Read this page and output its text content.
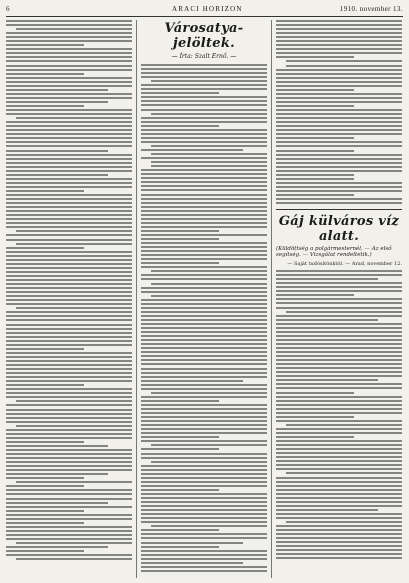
6	ARACI HORIZON	1910. november 13.
Városatya-jelöltek.
— Írta: Szalt Ernő. —
Gáj külváros víz alatt.
(Küldöttség a polgármesternél. — Az első segítség. — Vizsgálat rendeltetik.)
— Saját tudósítónktól. — Arad, november 12.
